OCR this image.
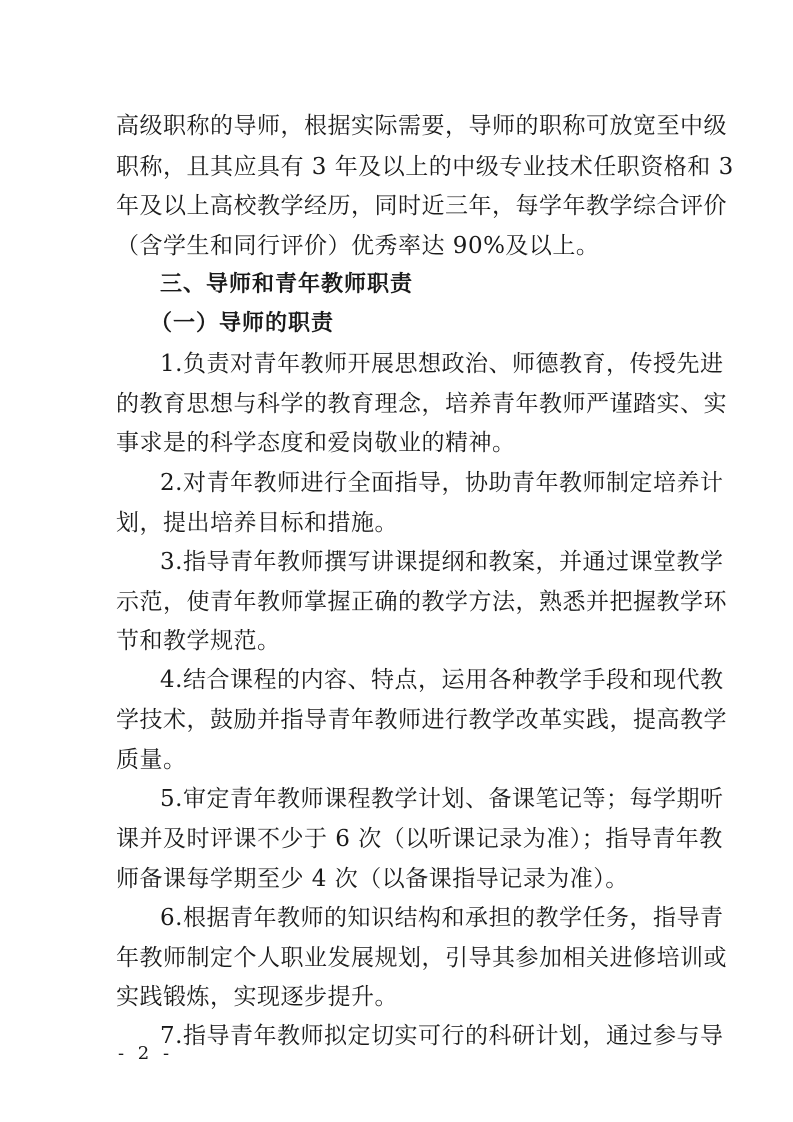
高级职称的导师，根据实际需要，导师的职称可放宽至中级
职称，且其应具有 3 年及以上的中级专业技术任职资格和 3
年及以上高校教学经历，同时近三年，每学年教学综合评价
（含学生和同行评价）优秀率达 90%及以上。
三、导师和青年教师职责
（一）导师的职责
1.负责对青年教师开展思想政治、师德教育，传授先进
的教育思想与科学的教育理念，培养青年教师严谨踏实、实
事求是的科学态度和爱岗敬业的精神。
2.对青年教师进行全面指导，协助青年教师制定培养计
划，提出培养目标和措施。
3.指导青年教师撰写讲课提纲和教案，并通过课堂教学
示范，使青年教师掌握正确的教学方法，熟悉并把握教学环
节和教学规范。
4.结合课程的内容、特点，运用各种教学手段和现代教
学技术，鼓励并指导青年教师进行教学改革实践，提高教学
质量。
5.审定青年教师课程教学计划、备课笔记等；每学期听
课并及时评课不少于 6 次（以听课记录为准）；指导青年教
师备课每学期至少 4 次（以备课指导记录为准）。
6.根据青年教师的知识结构和承担的教学任务，指导青
年教师制定个人职业发展规划，引导其参加相关进修培训或
实践锻炼，实现逐步提升。
7.指导青年教师拟定切实可行的科研计划，通过参与导
- 2 -
